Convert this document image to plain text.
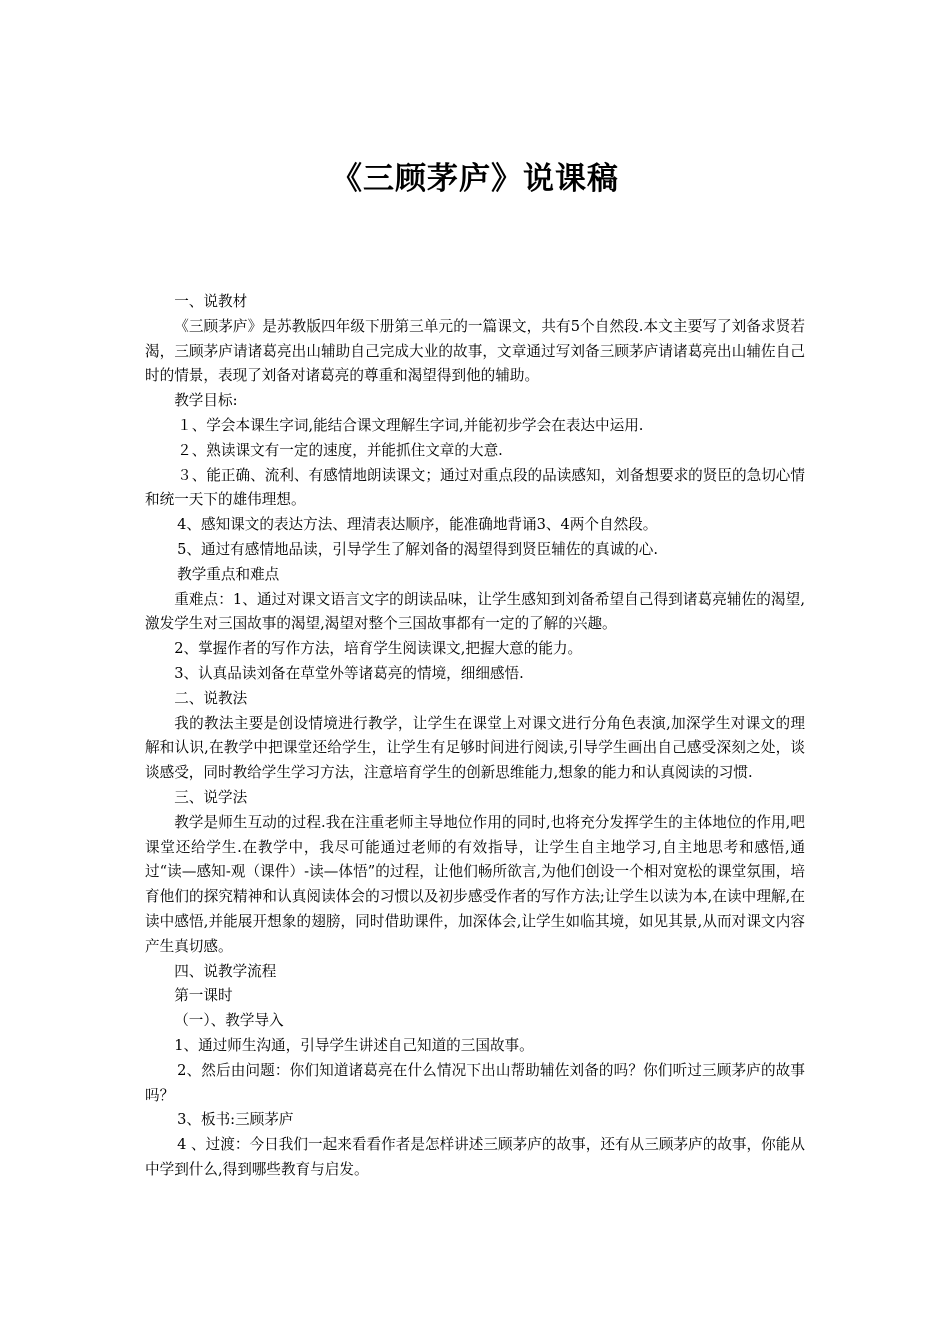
《三顾茅庐》说课稿

一、说教材

《三顾茅庐》是苏教版四年级下册第三单元的一篇课文，共有5个自然段.本文主要写了刘备求贤若渴，三顾茅庐请诸葛亮出山辅助自己完成大业的故事，文章通过写刘备三顾茅庐请诸葛亮出山辅佐自己时的情景，表现了刘备对诸葛亮的尊重和渴望得到他的辅助。

教学目标:

１、学会本课生字词,能结合课文理解生字词,并能初步学会在表达中运用.

２、熟读课文有一定的速度，并能抓住文章的大意.

３、能正确、流利、有感情地朗读课文；通过对重点段的品读感知，刘备想要求的贤臣的急切心情和统一天下的雄伟理想。

4、感知课文的表达方法、理清表达顺序，能准确地背诵3、4两个自然段。

5、通过有感情地品读，引导学生了解刘备的渴望得到贤臣辅佐的真诚的心.

教学重点和难点

重难点：1、通过对课文语言文字的朗读品味，让学生感知到刘备希望自己得到诸葛亮辅佐的渴望,激发学生对三国故事的渴望,渴望对整个三国故事都有一定的了解的兴趣。

2、掌握作者的写作方法，培育学生阅读课文,把握大意的能力。

3、认真品读刘备在草堂外等诸葛亮的情境，细细感悟.

二、说教法

我的教法主要是创设情境进行教学，让学生在课堂上对课文进行分角色表演,加深学生对课文的理解和认识,在教学中把课堂还给学生，让学生有足够时间进行阅读,引导学生画出自己感受深刻之处，谈谈感受，同时教给学生学习方法，注意培育学生的创新思维能力,想象的能力和认真阅读的习惯.

三、说学法

教学是师生互动的过程.我在注重老师主导地位作用的同时,也将充分发挥学生的主体地位的作用,吧课堂还给学生.在教学中，我尽可能通过老师的有效指导，让学生自主地学习,自主地思考和感悟,通过“读—感知-观（课件）-读—体悟”的过程，让他们畅所欲言,为他们创设一个相对宽松的课堂氛围，培育他们的探究精神和认真阅读体会的习惯以及初步感受作者的写作方法;让学生以读为本,在读中理解,在读中感悟,并能展开想象的翅膀，同时借助课件，加深体会,让学生如临其境，如见其景,从而对课文内容产生真切感。

四、说教学流程

第一课时

（一）、教学导入

1、通过师生沟通，引导学生讲述自己知道的三国故事。

2、然后由问题：你们知道诸葛亮在什么情况下出山帮助辅佐刘备的吗？你们听过三顾茅庐的故事吗？

3、板书:三顾茅庐

4 、过渡：今日我们一起来看看作者是怎样讲述三顾茅庐的故事，还有从三顾茅庐的故事，你能从中学到什么,得到哪些教育与启发。
